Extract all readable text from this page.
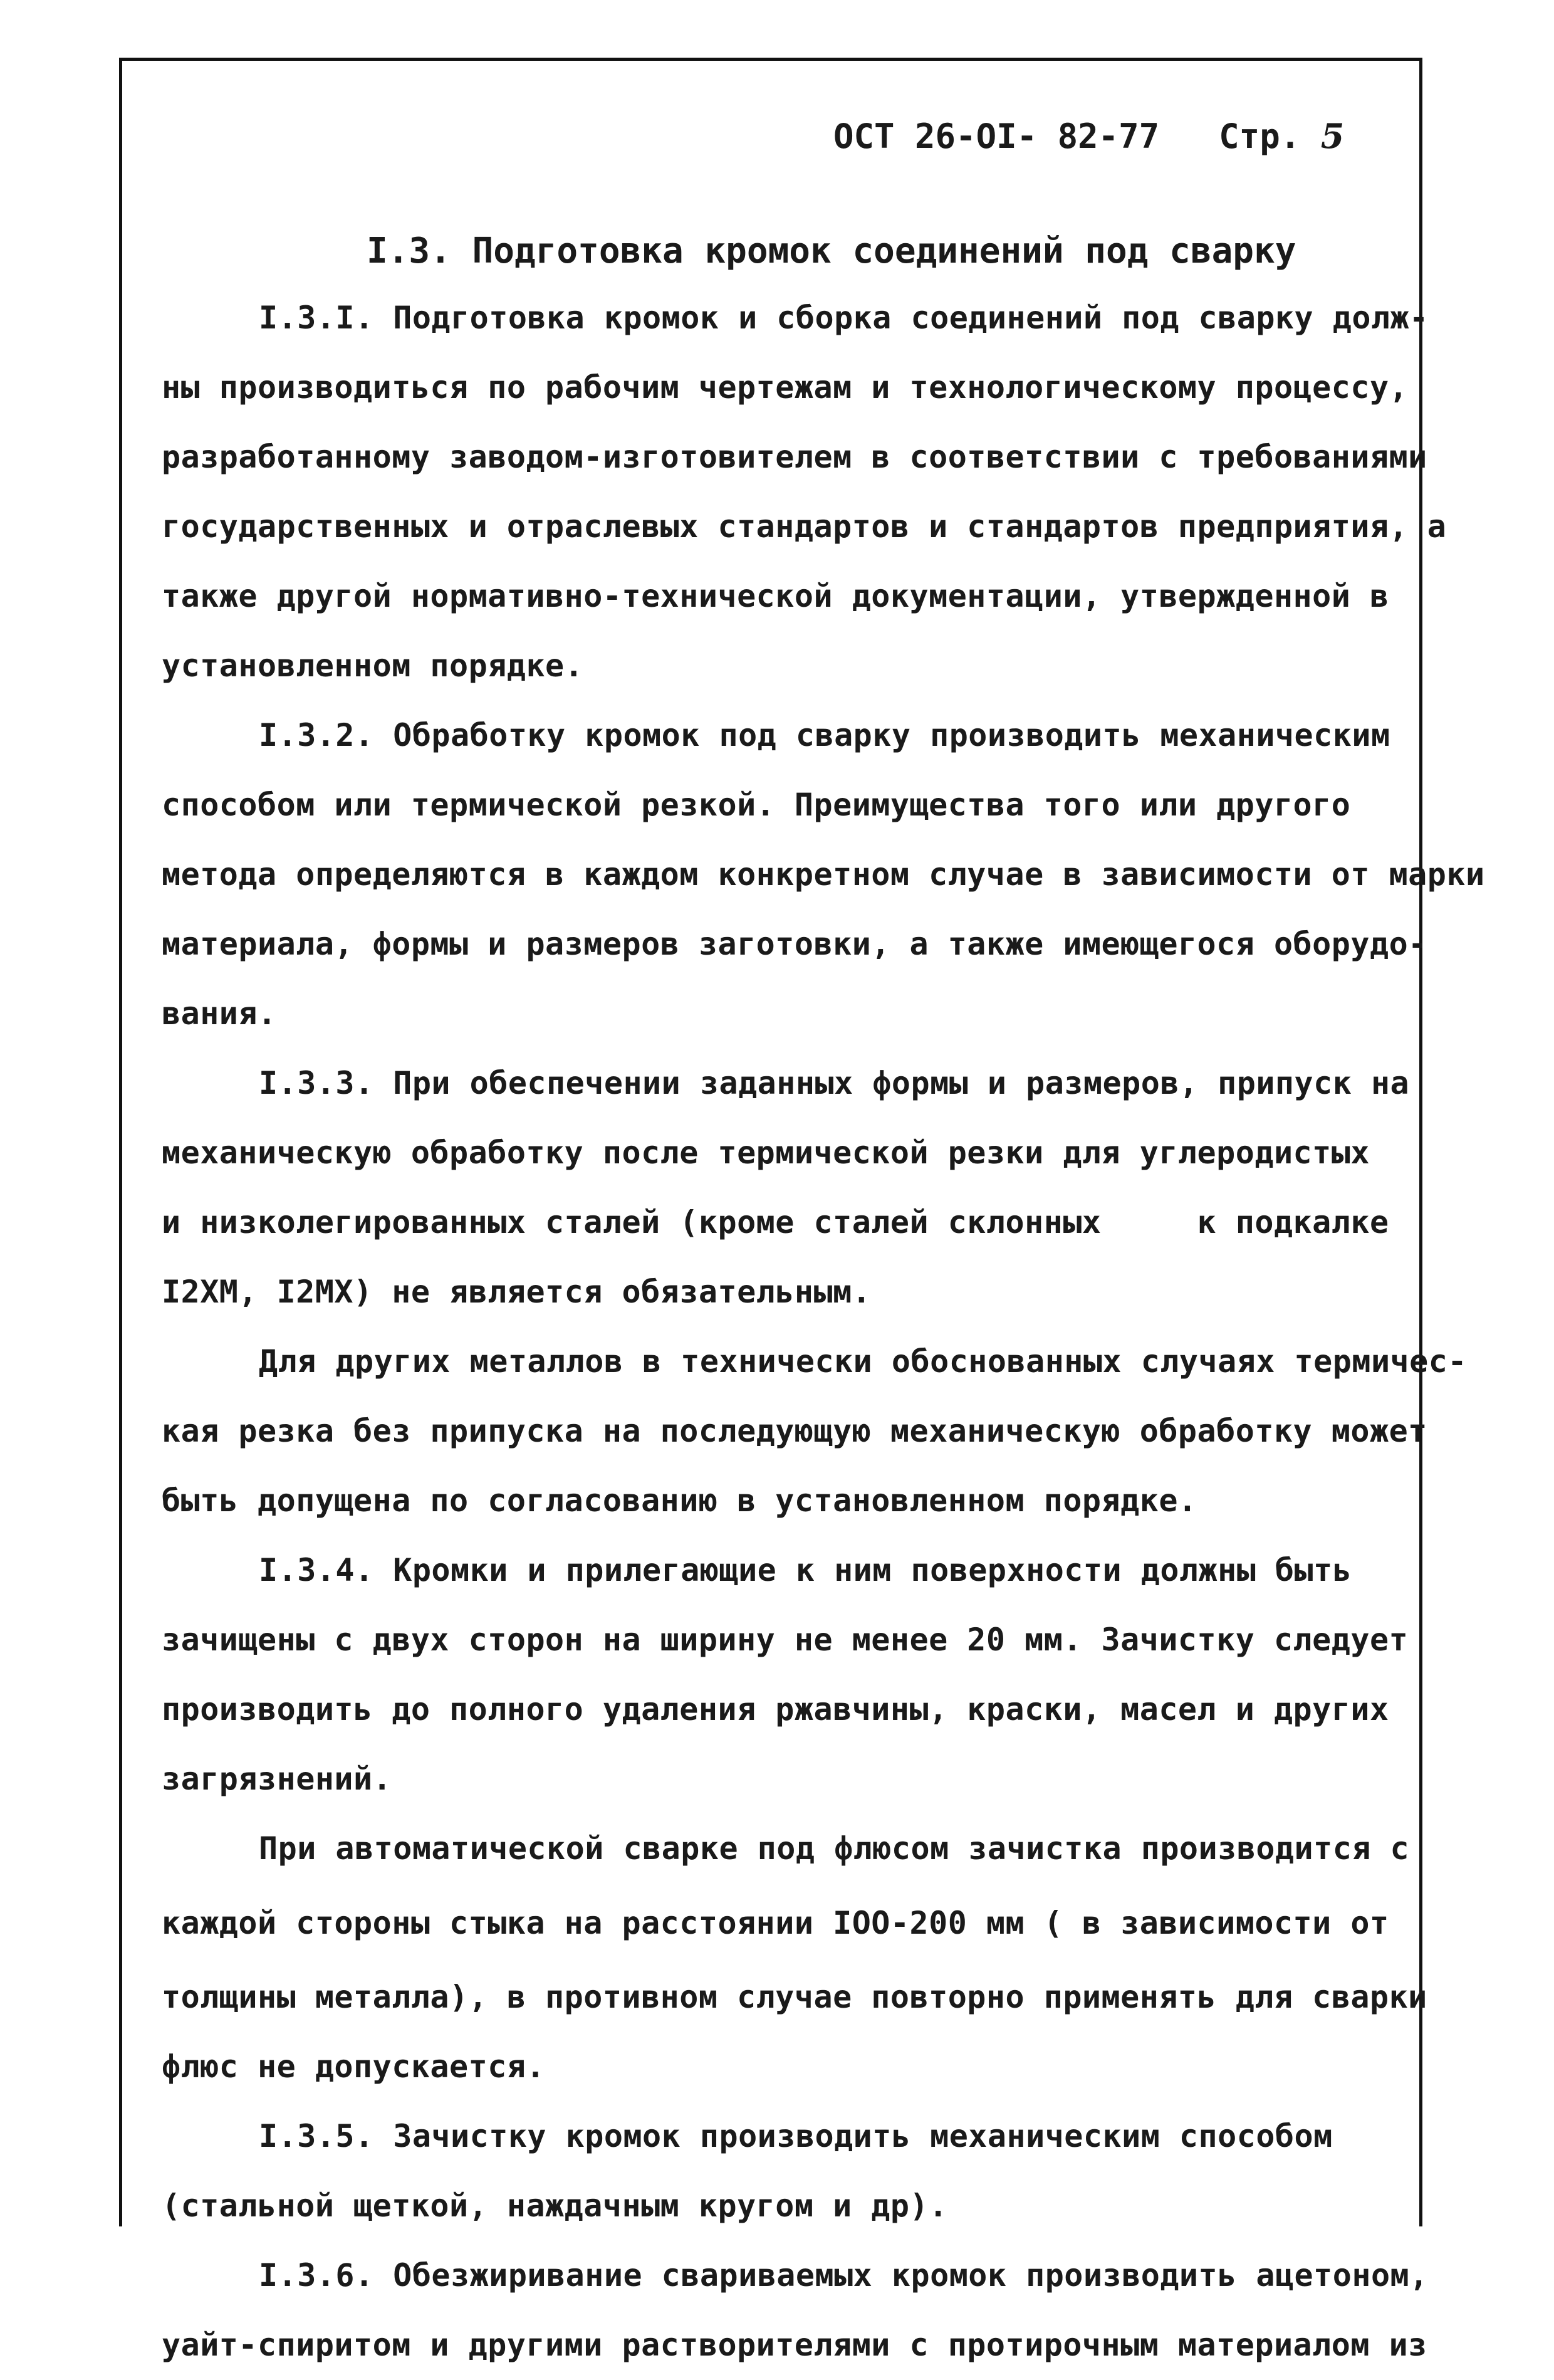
ОСТ 26-OI- 82-77 Стр. 5
I.3. Подготовка кромок соединений под сварку
I.3.I. Подготовка кромок и сборка соединений под сварку долж-
ны производиться по рабочим чертежам и технологическому процессу,
разработанному заводом-изготовителем в соответствии с требованиями
государственных и отраслевых стандартов и стандартов предприятия, а
также другой нормативно-технической документации, утвержденной в
установленном порядке.
I.3.2. Обработку кромок под сварку производить механическим
способом или термической резкой. Преимущества того или другого
метода определяются в каждом конкретном случае в зависимости от марки
материала, формы и размеров заготовки, а также имеющегося оборудо-
вания.
I.3.3. При обеспечении заданных формы и размеров, припуск на
механическую обработку после термической резки для углеродистых
и низколегированных сталей (кроме сталей склонных     к подкалке
I2ХМ, I2МХ) не является обязательным.
Для других металлов в технически обоснованных случаях термичес-
кая резка без припуска на последующую механическую обработку может
быть допущена по согласованию в установленном порядке.
I.3.4. Кромки и прилегающие к ним поверхности должны быть
зачищены с двух сторон на ширину не менее 20 мм. Зачистку следует
производить до полного удаления ржавчины, краски, масел и других
загрязнений.
При автоматической сварке под флюсом зачистка производится с
каждой стороны стыка на расстоянии IOO-200 мм ( в зависимости от
толщины металла), в противном случае повторно применять для сварки
флюс не допускается.
I.3.5. Зачистку кромок производить механическим способом
(стальной щеткой, наждачным кругом и др).
I.3.6. Обезжиривание свариваемых кромок производить ацетоном,
уайт-спиритом и другими растворителями с протирочным материалом из
